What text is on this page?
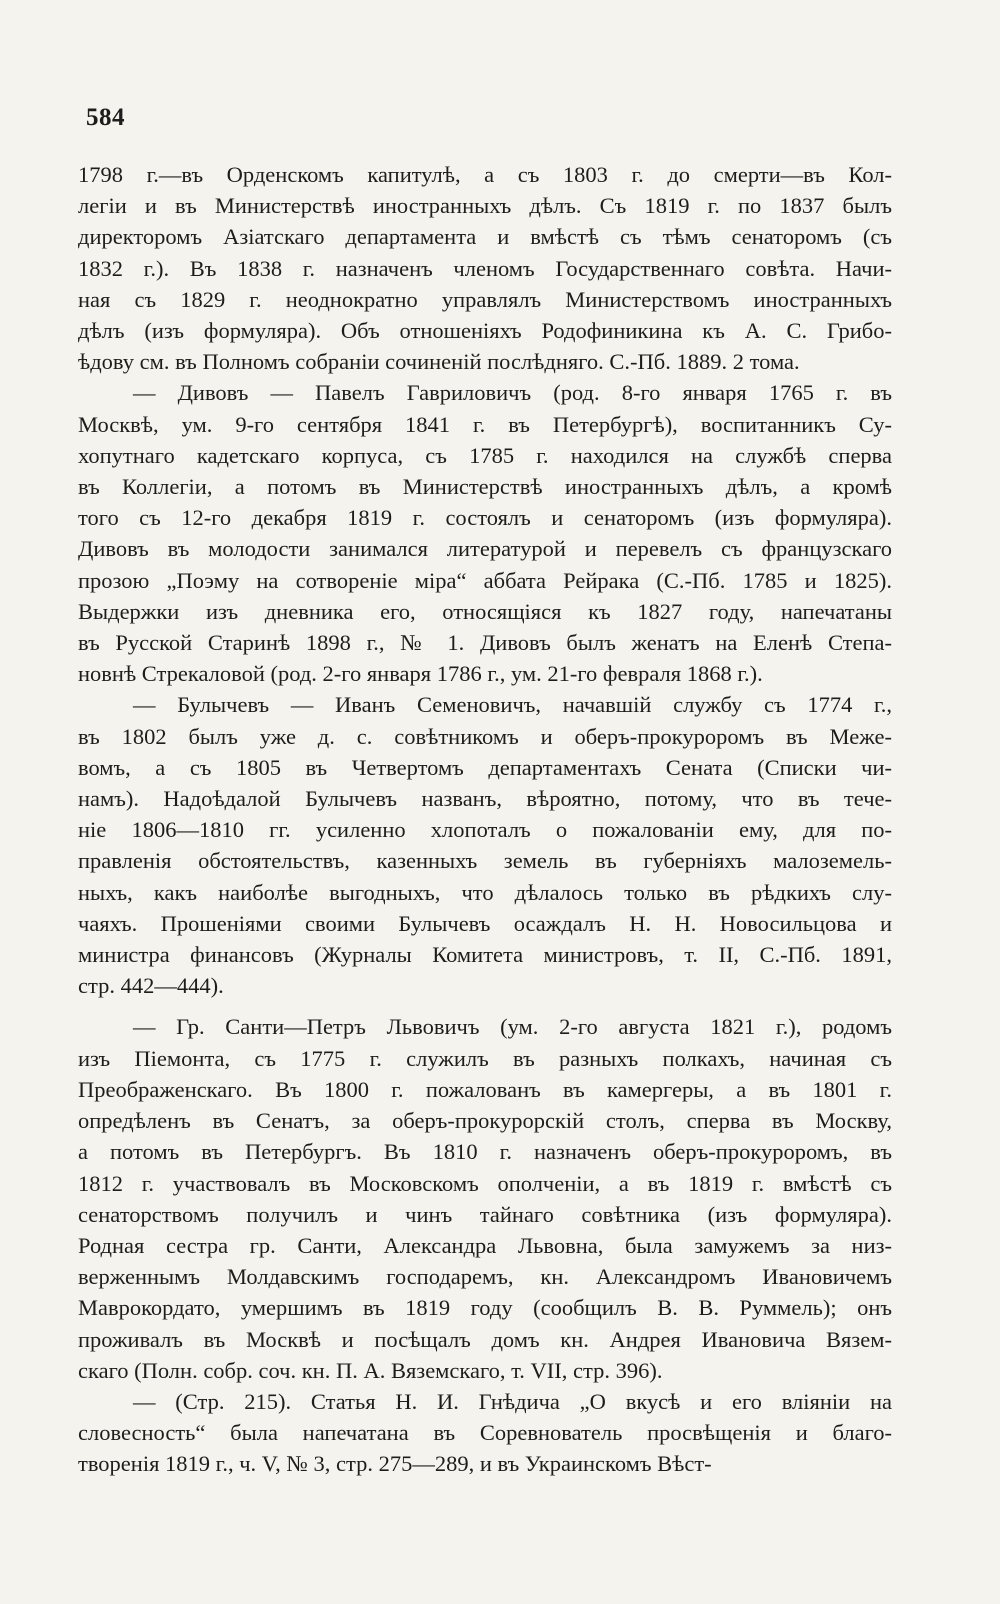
584
1798 г.—въ Орденскомъ капитулѣ, а съ 1803 г. до смерти—въ Кол-
легіи и въ Министерствѣ иностранныхъ дѣлъ. Съ 1819 г. по 1837 былъ
директоромъ Азіатскаго департамента и вмѣстѣ съ тѣмъ сенаторомъ (съ
1832 г.). Въ 1838 г. назначенъ членомъ Государственнаго совѣта. Начи-
ная съ 1829 г. неоднократно управлялъ Министерствомъ иностранныхъ
дѣлъ (изъ формуляра). Объ отношеніяхъ Родофиникина къ А. С. Грибо-
ѣдову см. въ Полномъ собраніи сочиненій послѣдняго. С.-Пб. 1889. 2 тома.
— Дивовъ — Павелъ Гавриловичъ (род. 8-го января 1765 г. въ
Москвѣ, ум. 9-го сентября 1841 г. въ Петербургѣ), воспитанникъ Су-
хопутнаго кадетскаго корпуса, съ 1785 г. находился на службѣ сперва
въ Коллегіи, а потомъ въ Министерствѣ иностранныхъ дѣлъ, а кромѣ
того съ 12-го декабря 1819 г. состоялъ и сенаторомъ (изъ формуляра).
Дивовъ въ молодости занимался литературой и перевелъ съ французскаго
прозою „Поэму на сотвореніе міра“ аббата Рейрака (С.-Пб. 1785 и 1825).
Выдержки изъ дневника его, относящіяся къ 1827 году, напечатаны
въ Русской Старинѣ 1898 г., № 1. Дивовъ былъ женатъ на Еленѣ Степа-
новнѣ Стрекаловой (род. 2-го января 1786 г., ум. 21-го февраля 1868 г.).
— Булычевъ — Иванъ Семеновичъ, начавшій службу съ 1774 г.,
въ 1802 былъ уже д. с. совѣтникомъ и оберъ-прокуроромъ въ Меже-
вомъ, а съ 1805 въ Четвертомъ департаментахъ Сената (Списки чи-
намъ). Надоѣдалой Булычевъ названъ, вѣроятно, потому, что въ тече-
ніе 1806—1810 гг. усиленно хлопоталъ о пожалованіи ему, для по-
правленія обстоятельствъ, казенныхъ земель въ губерніяхъ малоземель-
ныхъ, какъ наиболѣе выгодныхъ, что дѣлалось только въ рѣдкихъ слу-
чаяхъ. Прошеніями своими Булычевъ осаждалъ Н. Н. Новосильцова и
министра финансовъ (Журналы Комитета министровъ, т. II, С.-Пб. 1891,
стр. 442—444).
— Гр. Санти—Петръ Львовичъ (ум. 2-го августа 1821 г.), родомъ
изъ Піемонта, съ 1775 г. служилъ въ разныхъ полкахъ, начиная съ
Преображенскаго. Въ 1800 г. пожалованъ въ камергеры, а въ 1801 г.
опредѣленъ въ Сенатъ, за оберъ-прокурорскій столъ, сперва въ Москву,
а потомъ въ Петербургъ. Въ 1810 г. назначенъ оберъ-прокуроромъ, въ
1812 г. участвовалъ въ Московскомъ ополченіи, а въ 1819 г. вмѣстѣ съ
сенаторствомъ получилъ и чинъ тайнаго совѣтника (изъ формуляра).
Родная сестра гр. Санти, Александра Львовна, была замужемъ за низ-
верженнымъ Молдавскимъ господаремъ, кн. Александромъ Ивановичемъ
Маврокордато, умершимъ въ 1819 году (сообщилъ В. В. Руммель); онъ
проживалъ въ Москвѣ и посѣщалъ домъ кн. Андрея Ивановича Вязем-
скаго (Полн. собр. соч. кн. П. А. Вяземскаго, т. VII, стр. 396).
— (Стр. 215). Статья Н. И. Гнѣдича „О вкусѣ и его вліяніи на
словесность“ была напечатана въ Соревнователь просвѣщенія и благо-
творенія 1819 г., ч. V, № 3, стр. 275—289, и въ Украинскомъ Вѣст-
